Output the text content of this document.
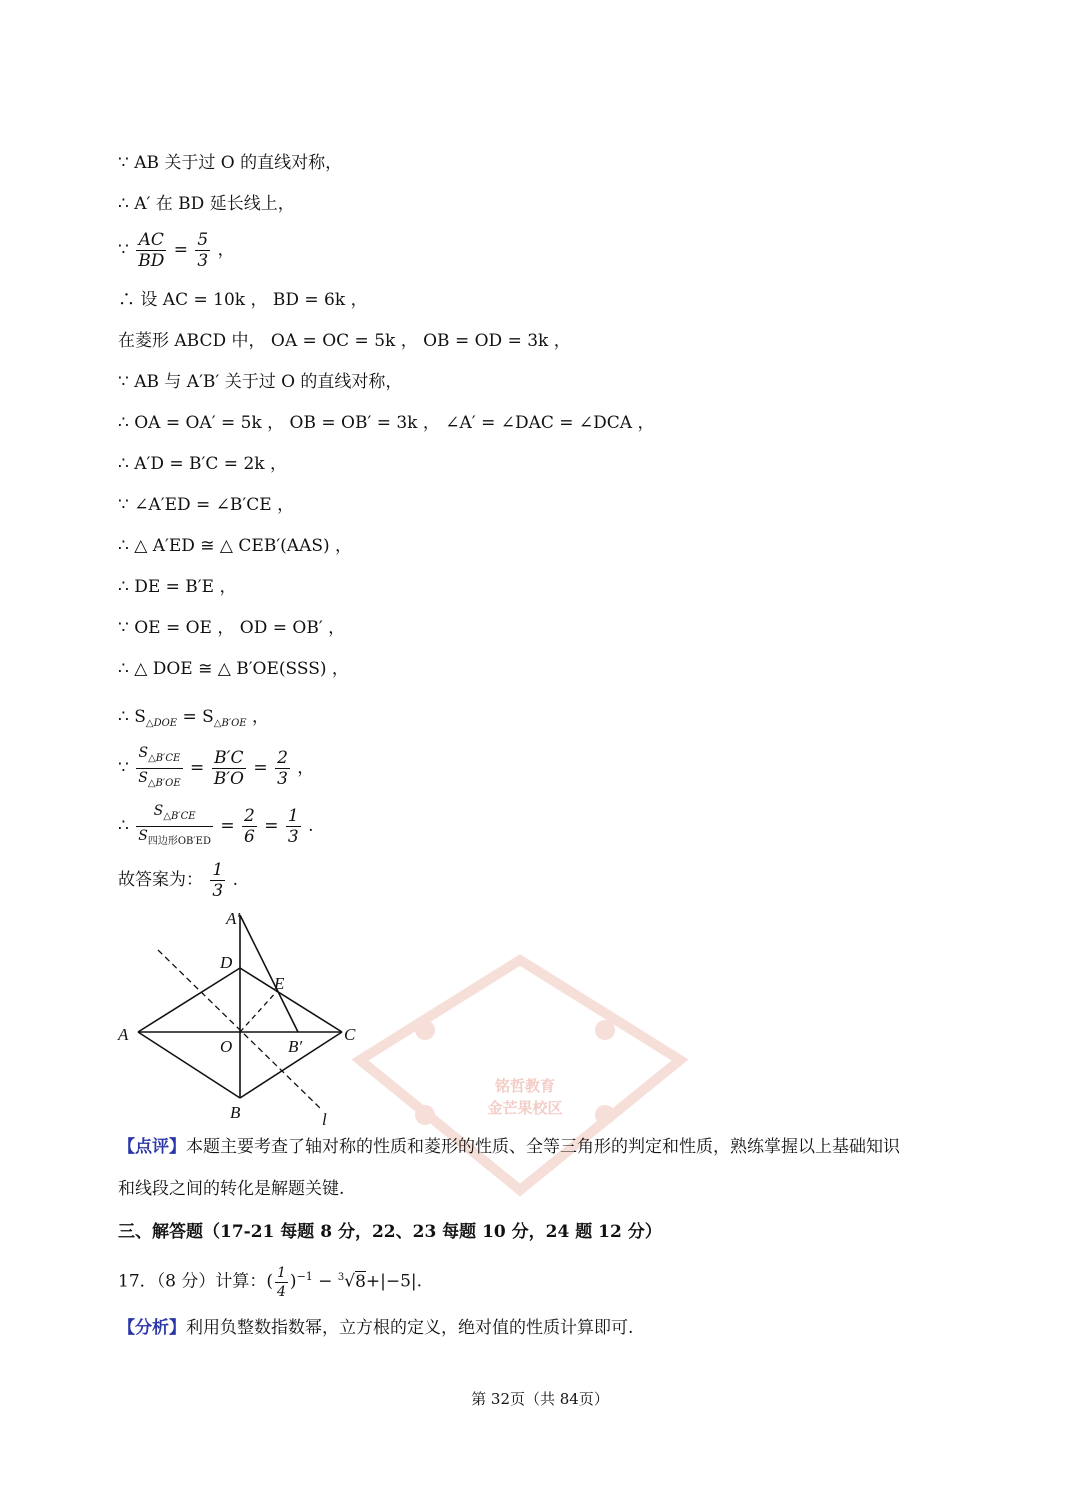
∵ AB 关于过 O 的直线对称，
∴ A′ 在 BD 延长线上，
∵ $\frac{AC}{BD} = \frac{5}{3}$ ，
∴ 设 AC = 10k ， BD = 6k ，
在菱形 ABCD 中， OA = OC = 5k ， OB = OD = 3k ，
∵ AB 与 A′B′ 关于过 O 的直线对称，
∴ OA = OA′ = 5k ， OB = OB′ = 3k ， ∠A′ = ∠DAC = ∠DCA ，
∴ A′D = B′C = 2k ，
∵ ∠A′ED = ∠B′CE ，
∴ △ A′ED ≅ △ CEB′(AAS) ，
∴ DE = B′E ，
∵ OE = OE ， OD = OB′ ，
∴ △ DOE ≅ △ B′OE(SSS) ，
∴ $S_{\triangle DOE} = S_{\triangle B'OE}$ ，
∵ $\frac{S_{\triangle B'CE}}{S_{\triangle B'OE}} = \frac{B'C}{B'O} = \frac{2}{3}$ ，
∴ $\frac{S_{\triangle B'CE}}{S_{四边形OB'ED}} = \frac{2}{6} = \frac{1}{3}$ .
故答案为： $\frac{1}{3}$ .
铭哲教育
金芒果校区
A′
D
E
A
O	B′
C
B	l
【点评】本题主要考查了轴对称的性质和菱形的性质、全等三角形的判定和性质，熟练掌握以上基础知识
和线段之间的转化是解题关键.
三、解答题（17-21 每题 8 分，22、23 每题 10 分，24 题 12 分）
17．（8 分）计算：( $\frac{1}{4} )^{-1} - ^3√8+|-5|$.
【分析】利用负整数指数幂，立方根的定义，绝对值的性质计算即可.
第 32页（共 84页）
